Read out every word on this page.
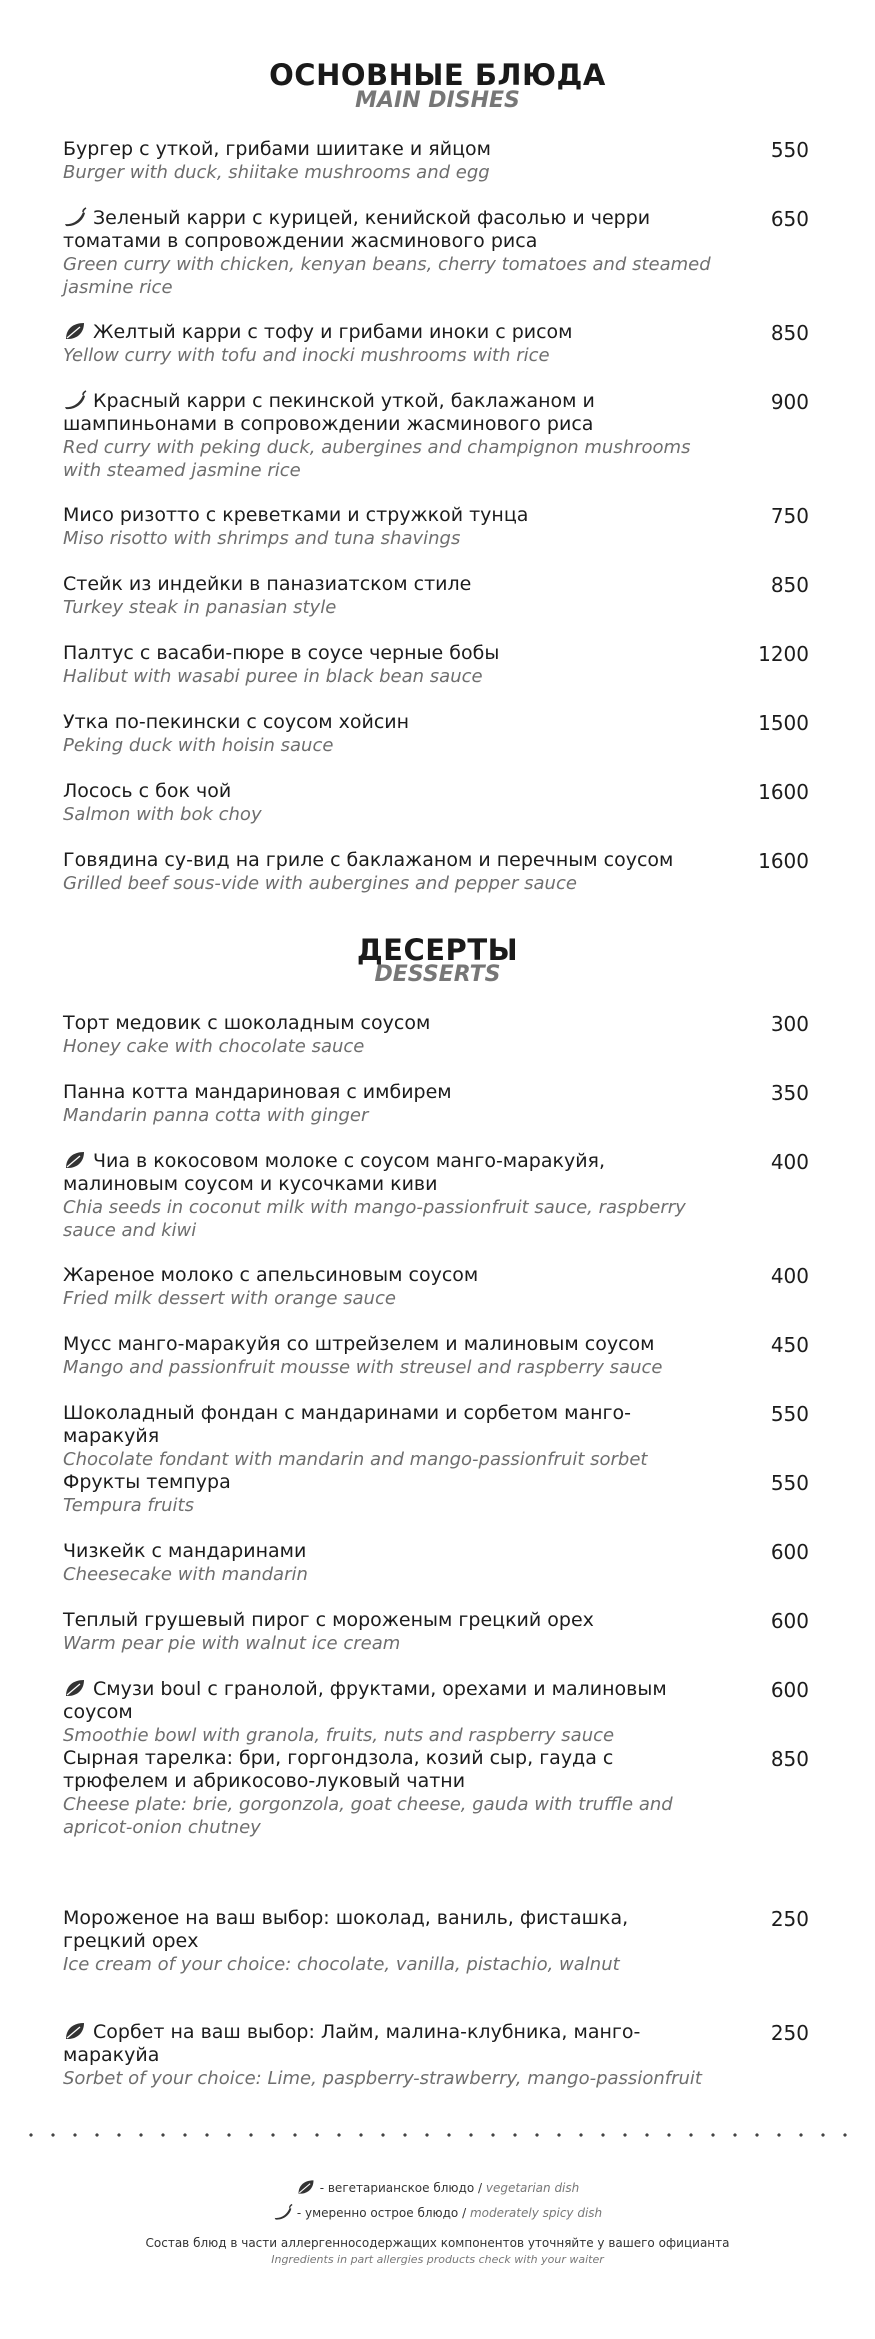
ОСНОВНЫЕ БЛЮДА
MAIN DISHES
Бургер с уткой, грибами шиитаке и яйцом
Burger with duck, shiitake mushrooms and egg
550
Зеленый карри с курицей, кенийской фасолью и черри томатами в сопровождении жасминового риса
Green curry with chicken, kenyan beans, cherry tomatoes and steamed jasmine rice
650
Желтый карри с тофу и грибами иноки с рисом
Yellow curry with tofu and inocki mushrooms with rice
850
Красный карри с пекинской уткой, баклажаном и шампиньонами в сопровождении жасминового риса
Red curry with peking duck, aubergines and champignon mushrooms with steamed jasmine rice
900
Мисо ризотто с креветками и стружкой тунца
Miso risotto with shrimps and tuna shavings
750
Стейк из индейки в паназиатском стиле
Turkey steak in panasian style
850
Палтус с васаби-пюре в соусе черные бобы
Halibut with wasabi puree in black bean sauce
1200
Утка по-пекински с соусом хойсин
Peking duck with hoisin sauce
1500
Лосось с бок чой
Salmon with bok choy
1600
Говядина су-вид на гриле с баклажаном и перечным соусом
Grilled beef sous-vide with aubergines and pepper sauce
1600
ДЕСЕРТЫ
DESSERTS
Торт медовик с шоколадным соусом
Honey cake with chocolate sauce
300
Панна котта мандариновая с имбирем
Mandarin panna cotta with ginger
350
Чиа в кокосовом молоке с соусом манго-маракуйя, малиновым соусом и кусочками киви
Chia seeds in coconut milk with mango-passionfruit sauce, raspberry sauce and kiwi
400
Жареное молоко с апельсиновым соусом
Fried milk dessert with orange sauce
400
Мусс манго-маракуйя со штрейзелем и малиновым соусом
Mango and passionfruit mousse with streusel and raspberry sauce
450
Шоколадный фондан с мандаринами и сорбетом манго-маракуйя
Chocolate fondant with mandarin and mango-passionfruit sorbet
550
Фрукты темпура
Tempura fruits
550
Чизкейк с мандаринами
Cheesecake with mandarin
600
Теплый грушевый пирог с мороженым грецкий орех
Warm pear pie with walnut ice cream
600
Смузи boul с гранолой, фруктами, орехами и малиновым соусом
Smoothie bowl with granola, fruits, nuts and raspberry sauce
600
Сырная тарелка: бри, горгондзола, козий сыр, гауда с трюфелем и абрикосово-луковый чатни
Cheese plate: brie, gorgonzola, goat cheese, gauda with truffle and apricot-onion chutney
850
Мороженое на ваш выбор: шоколад, ваниль, фисташка, грецкий орех
Ice cream of your choice: chocolate, vanilla, pistachio, walnut
250
Сорбет на ваш выбор: Лайм, малина-клубника, манго-маракуйа
Sorbet of your choice: Lime, paspberry-strawberry, mango-passionfruit
250
- вегетарианское блюдо / vegetarian dish
- умеренно острое блюдо / moderately spicy dish
Состав блюд в части аллергенносодержащих компонентов уточняйте у вашего официанта
Ingredients in part allergies products check with your waiter
